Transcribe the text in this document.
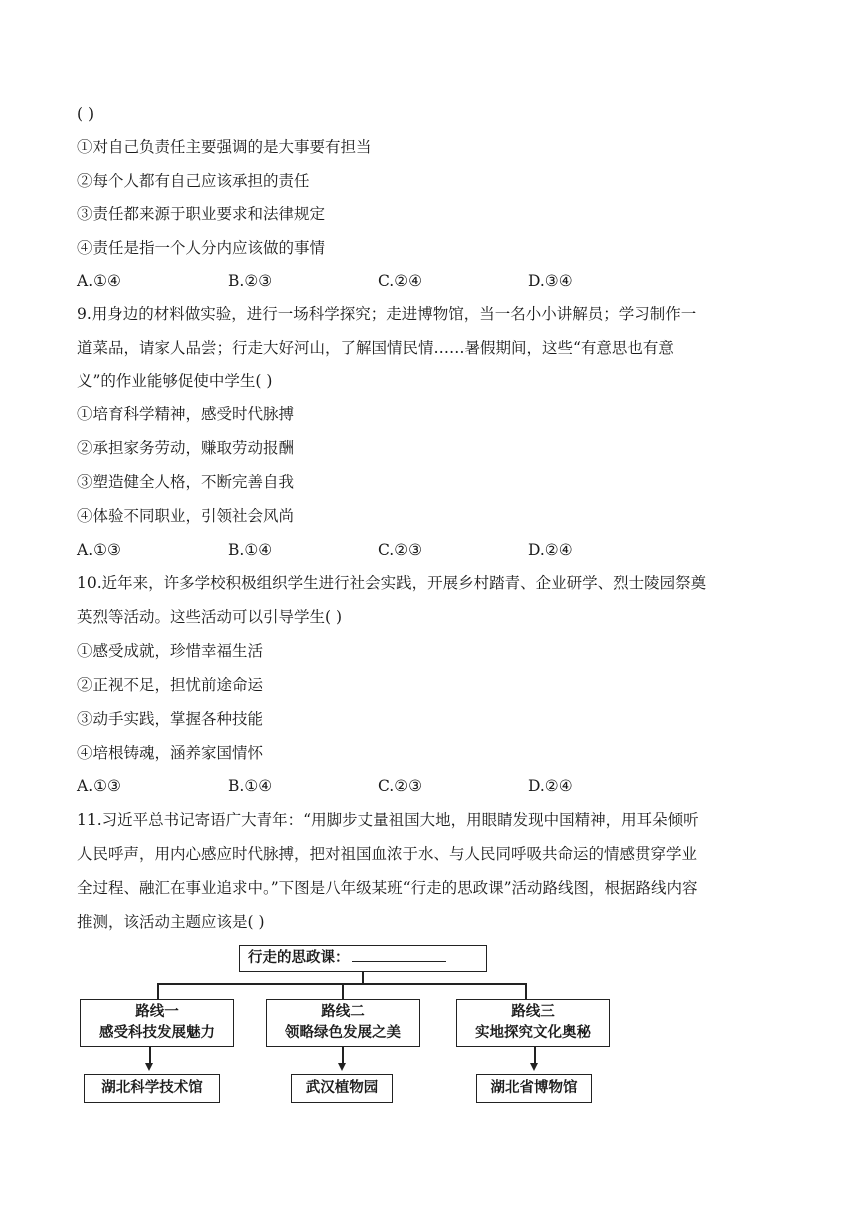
( )
①对自己负责任主要强调的是大事要有担当
②每个人都有自己应该承担的责任
③责任都来源于职业要求和法律规定
④责任是指一个人分内应该做的事情
A.①④	B.②③	C.②④	D.③④
9.用身边的材料做实验，进行一场科学探究；走进博物馆，当一名小小讲解员；学习制作一
道菜品，请家人品尝；行走大好河山，了解国情民情……暑假期间，这些“有意思也有意
义”的作业能够促使中学生( )
①培育科学精神，感受时代脉搏
②承担家务劳动，赚取劳动报酬
③塑造健全人格，不断完善自我
④体验不同职业，引领社会风尚
A.①③	B.①④	C.②③	D.②④
10.近年来，许多学校积极组织学生进行社会实践，开展乡村踏青、企业研学、烈士陵园祭奠
英烈等活动。这些活动可以引导学生( )
①感受成就，珍惜幸福生活
②正视不足，担忧前途命运
③动手实践，掌握各种技能
④培根铸魂，涵养家国情怀
A.①③	B.①④	C.②③	D.②④
11.习近平总书记寄语广大青年：“用脚步丈量祖国大地，用眼睛发现中国精神，用耳朵倾听
人民呼声，用内心感应时代脉搏，把对祖国血浓于水、与人民同呼吸共命运的情感贯穿学业
全过程、融汇在事业追求中。”下图是八年级某班“行走的思政课”活动路线图，根据路线内容
推测，该活动主题应该是( )
行走的思政课：
路线一
感受科技发展魅力
路线二
领略绿色发展之美
路线三
实地探究文化奥秘
湖北科学技术馆	武汉植物园	湖北省博物馆
